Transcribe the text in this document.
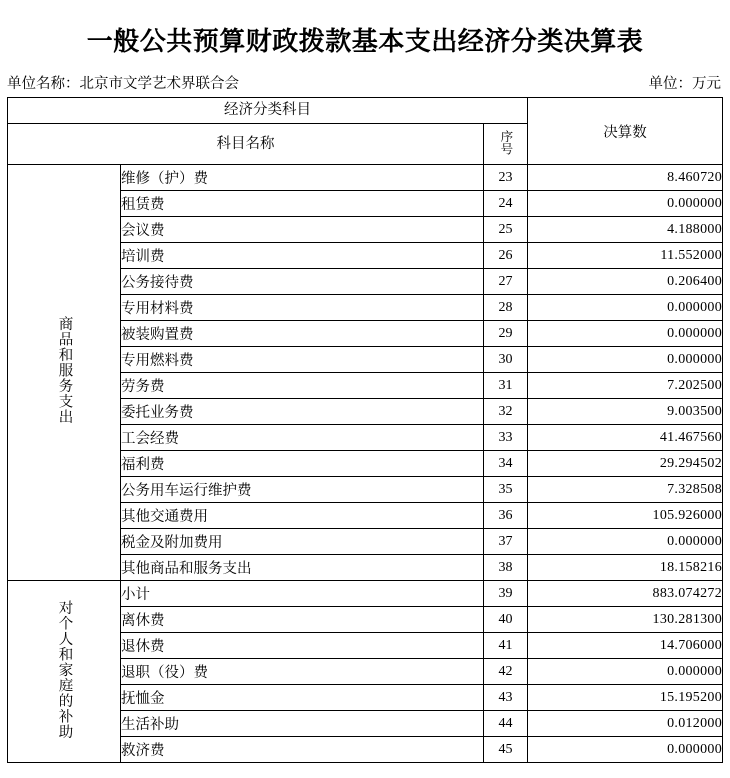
一般公共预算财政拨款基本支出经济分类决算表
单位名称：北京市文学艺术界联合会	单位：万元
经济分类科目			决算数
科目名称		序号	
商品和服务支出	维修（护）费	23	8.460720
	租赁费	24	0.000000
	会议费	25	4.188000
	培训费	26	11.552000
	公务接待费	27	0.206400
	专用材料费	28	0.000000
	被装购置费	29	0.000000
	专用燃料费	30	0.000000
	劳务费	31	7.202500
	委托业务费	32	9.003500
	工会经费	33	41.467560
	福利费	34	29.294502
	公务用车运行维护费	35	7.328508
	其他交通费用	36	105.926000
	税金及附加费用	37	0.000000
	其他商品和服务支出	38	18.158216
对个人和家庭的补助	小计	39	883.074272
	离休费	40	130.281300
	退休费	41	14.706000
	退职（役）费	42	0.000000
	抚恤金	43	15.195200
	生活补助	44	0.012000
	救济费	45	0.000000
